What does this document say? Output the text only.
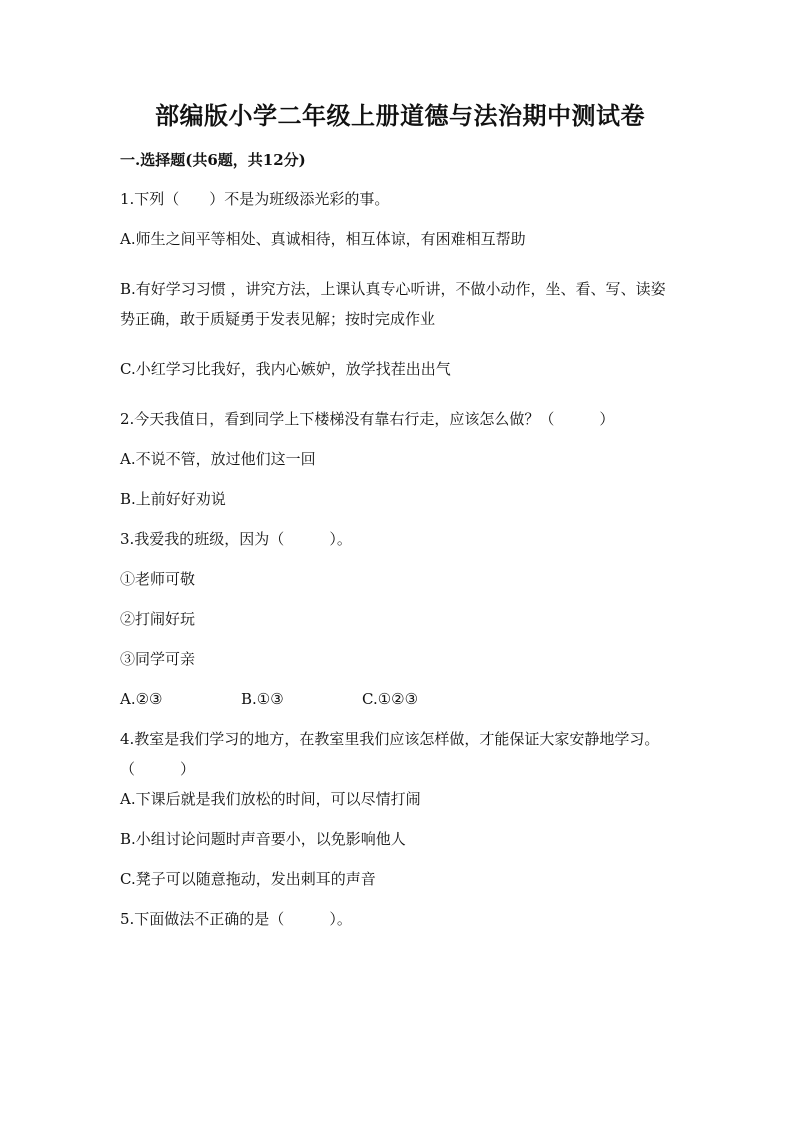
部编版小学二年级上册道德与法治期中测试卷
一.选择题(共6题，共12分)
1.下列（　　）不是为班级添光彩的事。
A.师生之间平等相处、真诚相待，相互体谅，有困难相互帮助
B.有好学习习惯 ，讲究方法，上课认真专心听讲，不做小动作，坐、看、写、读姿势正确，敢于质疑勇于发表见解；按时完成作业
C.小红学习比我好，我内心嫉妒，放学找茬出出气
2.今天我值日，看到同学上下楼梯没有靠右行走，应该怎么做？（　　　）
A.不说不管，放过他们这一回
B.上前好好劝说
3.我爱我的班级，因为（　　　）。
①老师可敬
②打闹好玩
③同学可亲
A.②③	B.①③	C.①②③
4.教室是我们学习的地方，在教室里我们应该怎样做，才能保证大家安静地学习。（　　　）
A.下课后就是我们放松的时间，可以尽情打闹
B.小组讨论问题时声音要小，以免影响他人
C.凳子可以随意拖动，发出刺耳的声音
5.下面做法不正确的是（　　　）。
